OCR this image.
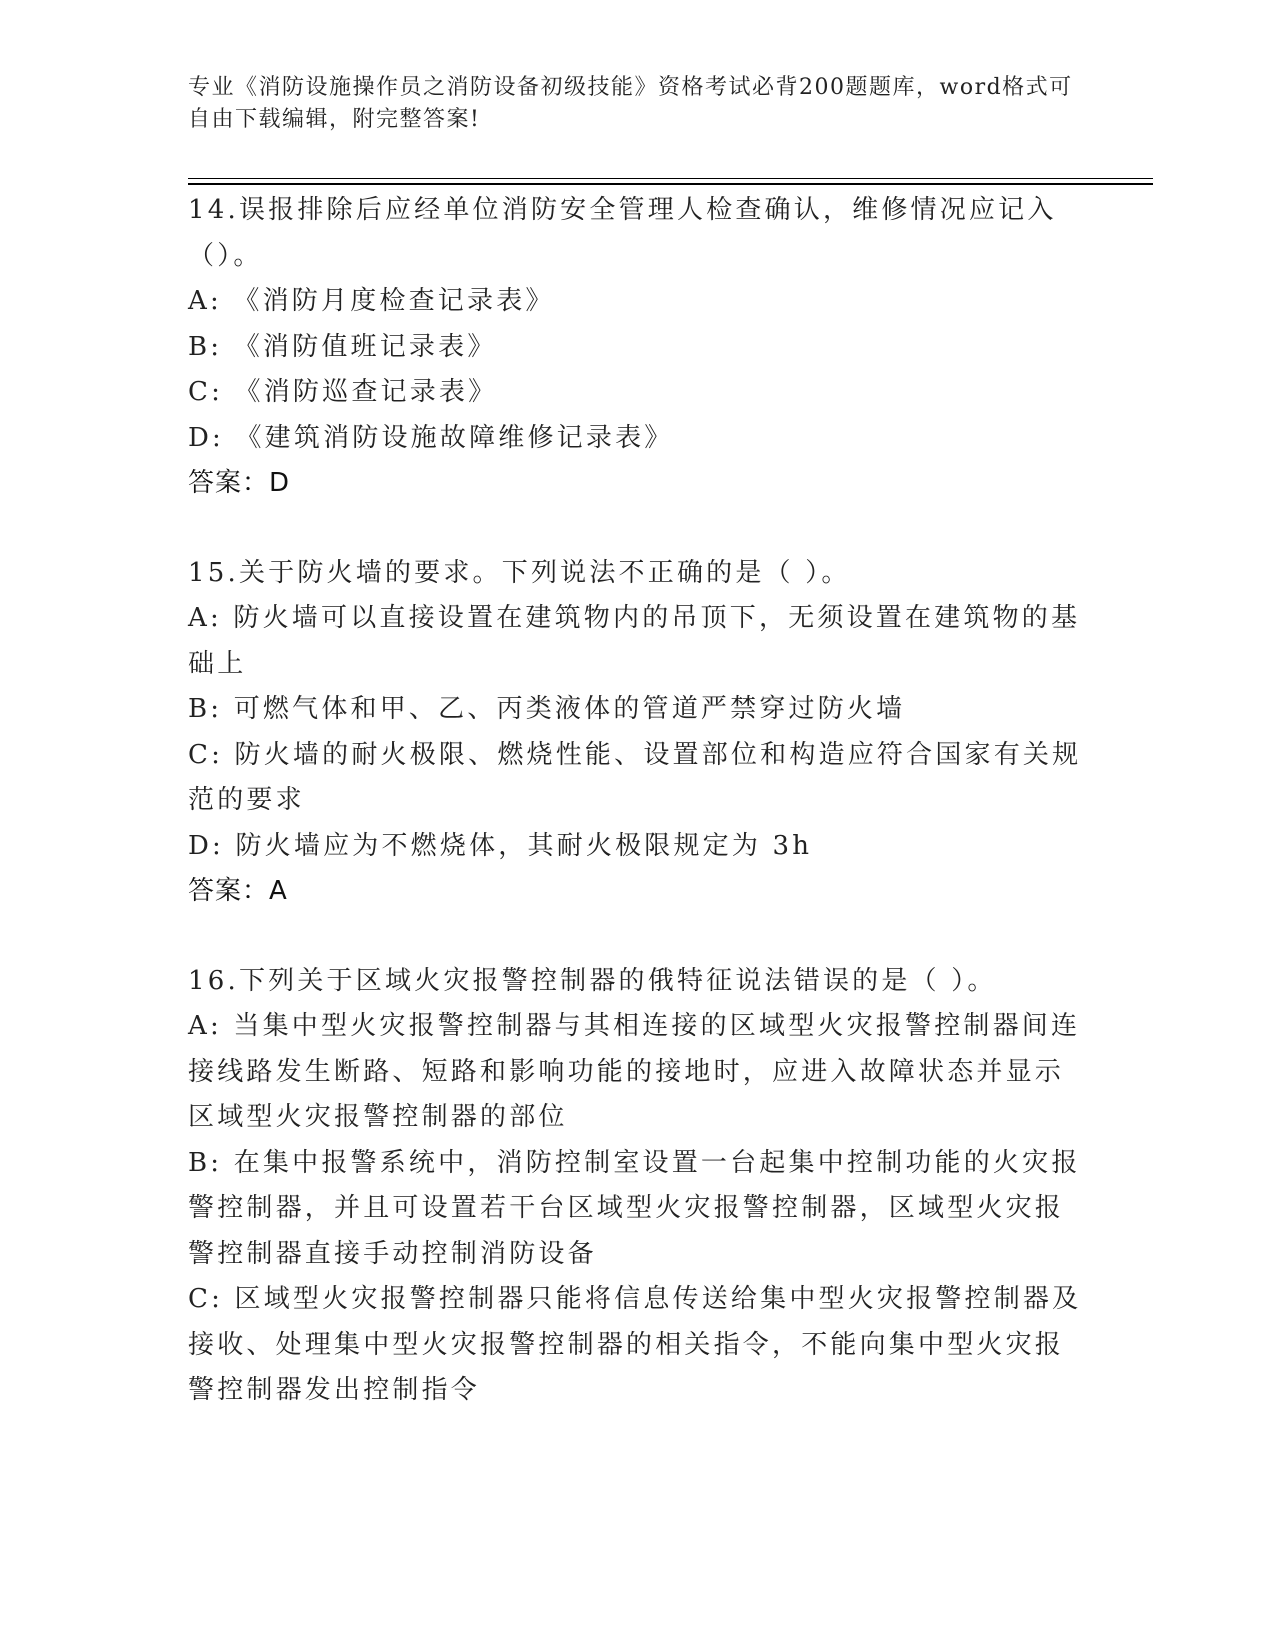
专业《消防设施操作员之消防设备初级技能》资格考试必背200题题库，word格式可自由下载编辑，附完整答案!
14.误报排除后应经单位消防安全管理人检查确认，维修情况应记入（）。
A: 《消防月度检查记录表》
B: 《消防值班记录表》
C: 《消防巡查记录表》
D: 《建筑消防设施故障维修记录表》
答案：D
15.关于防火墙的要求。下列说法不正确的是（ ）。
A: 防火墙可以直接设置在建筑物内的吊顶下，无须设置在建筑物的基础上
B: 可燃气体和甲、乙、丙类液体的管道严禁穿过防火墙
C: 防火墙的耐火极限、燃烧性能、设置部位和构造应符合国家有关规范的要求
D: 防火墙应为不燃烧体，其耐火极限规定为 3h
答案：A
16.下列关于区域火灾报警控制器的俄特征说法错误的是（ ）。
A: 当集中型火灾报警控制器与其相连接的区域型火灾报警控制器间连接线路发生断路、短路和影响功能的接地时，应进入故障状态并显示区域型火灾报警控制器的部位
B: 在集中报警系统中，消防控制室设置一台起集中控制功能的火灾报警控制器，并且可设置若干台区域型火灾报警控制器，区域型火灾报警控制器直接手动控制消防设备
C: 区域型火灾报警控制器只能将信息传送给集中型火灾报警控制器及接收、处理集中型火灾报警控制器的相关指令，不能向集中型火灾报警控制器发出控制指令
